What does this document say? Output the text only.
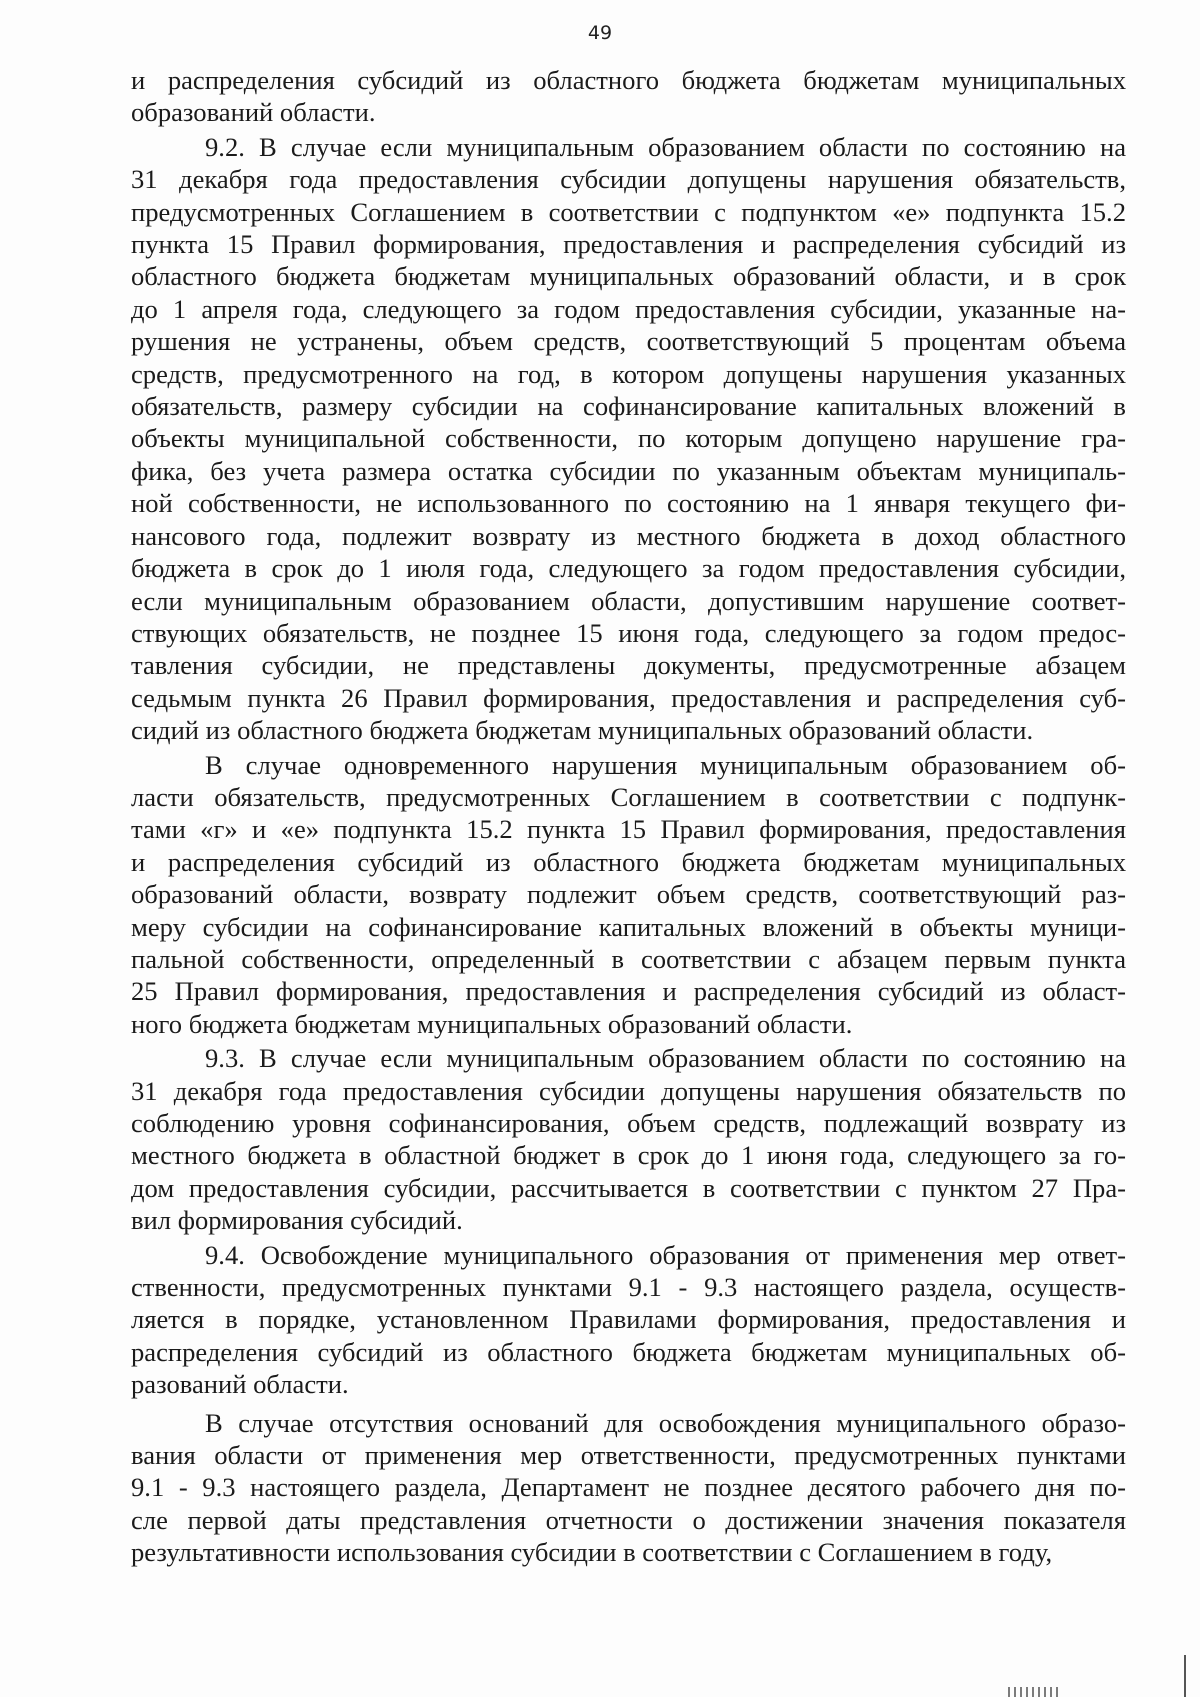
49

и распределения субсидий из областного бюджета бюджетам муниципальных

образований области.

9.2. В случае если муниципальным образованием области по состоянию на

31 декабря года предоставления субсидии допущены нарушения обязательств,

предусмотренных Соглашением в соответствии с подпунктом «е» подпункта 15.2

пункта 15 Правил формирования, предоставления и распределения субсидий из

областного бюджета бюджетам муниципальных образований области, и в срок

до 1 апреля года, следующего за годом предоставления субсидии, указанные на-

рушения не устранены, объем средств, соответствующий 5 процентам объема

средств, предусмотренного на год, в котором допущены нарушения указанных

обязательств, размеру субсидии на софинансирование капитальных вложений в

объекты муниципальной собственности, по которым допущено нарушение гра-

фика, без учета размера остатка субсидии по указанным объектам муниципаль-

ной собственности, не использованного по состоянию на 1 января текущего фи-

нансового года, подлежит возврату из местного бюджета в доход областного

бюджета в срок до 1 июля года, следующего за годом предоставления субсидии,

если муниципальным образованием области, допустившим нарушение соответ-

ствующих обязательств, не позднее 15 июня года, следующего за годом предос-

тавления субсидии, не представлены документы, предусмотренные абзацем

седьмым пункта 26 Правил формирования, предоставления и распределения суб-

сидий из областного бюджета бюджетам муниципальных образований области.

В случае одновременного нарушения муниципальным образованием об-

ласти обязательств, предусмотренных Соглашением в соответствии с подпунк-

тами «г» и «е» подпункта 15.2 пункта 15 Правил формирования, предоставления

и распределения субсидий из областного бюджета бюджетам муниципальных

образований области, возврату подлежит объем средств, соответствующий раз-

меру субсидии на софинансирование капитальных вложений в объекты муници-

пальной собственности, определенный в соответствии с абзацем первым пункта

25 Правил формирования, предоставления и распределения субсидий из област-

ного бюджета бюджетам муниципальных образований области.

9.3. В случае если муниципальным образованием области по состоянию на

31 декабря года предоставления субсидии допущены нарушения обязательств по

соблюдению уровня софинансирования, объем средств, подлежащий возврату из

местного бюджета в областной бюджет в срок до 1 июня года, следующего за го-

дом предоставления субсидии, рассчитывается в соответствии с пунктом 27 Пра-

вил формирования субсидий.

9.4. Освобождение муниципального образования от применения мер ответ-

ственности, предусмотренных пунктами 9.1 - 9.3 настоящего раздела, осуществ-

ляется в порядке, установленном Правилами формирования, предоставления и

распределения субсидий из областного бюджета бюджетам муниципальных об-

разований области.

В случае отсутствия оснований для освобождения муниципального образо-

вания области от применения мер ответственности, предусмотренных пунктами

9.1 - 9.3 настоящего раздела, Департамент не позднее десятого рабочего дня по-

сле первой даты представления отчетности о достижении значения показателя

результативности использования субсидии в соответствии с Соглашением в году,
